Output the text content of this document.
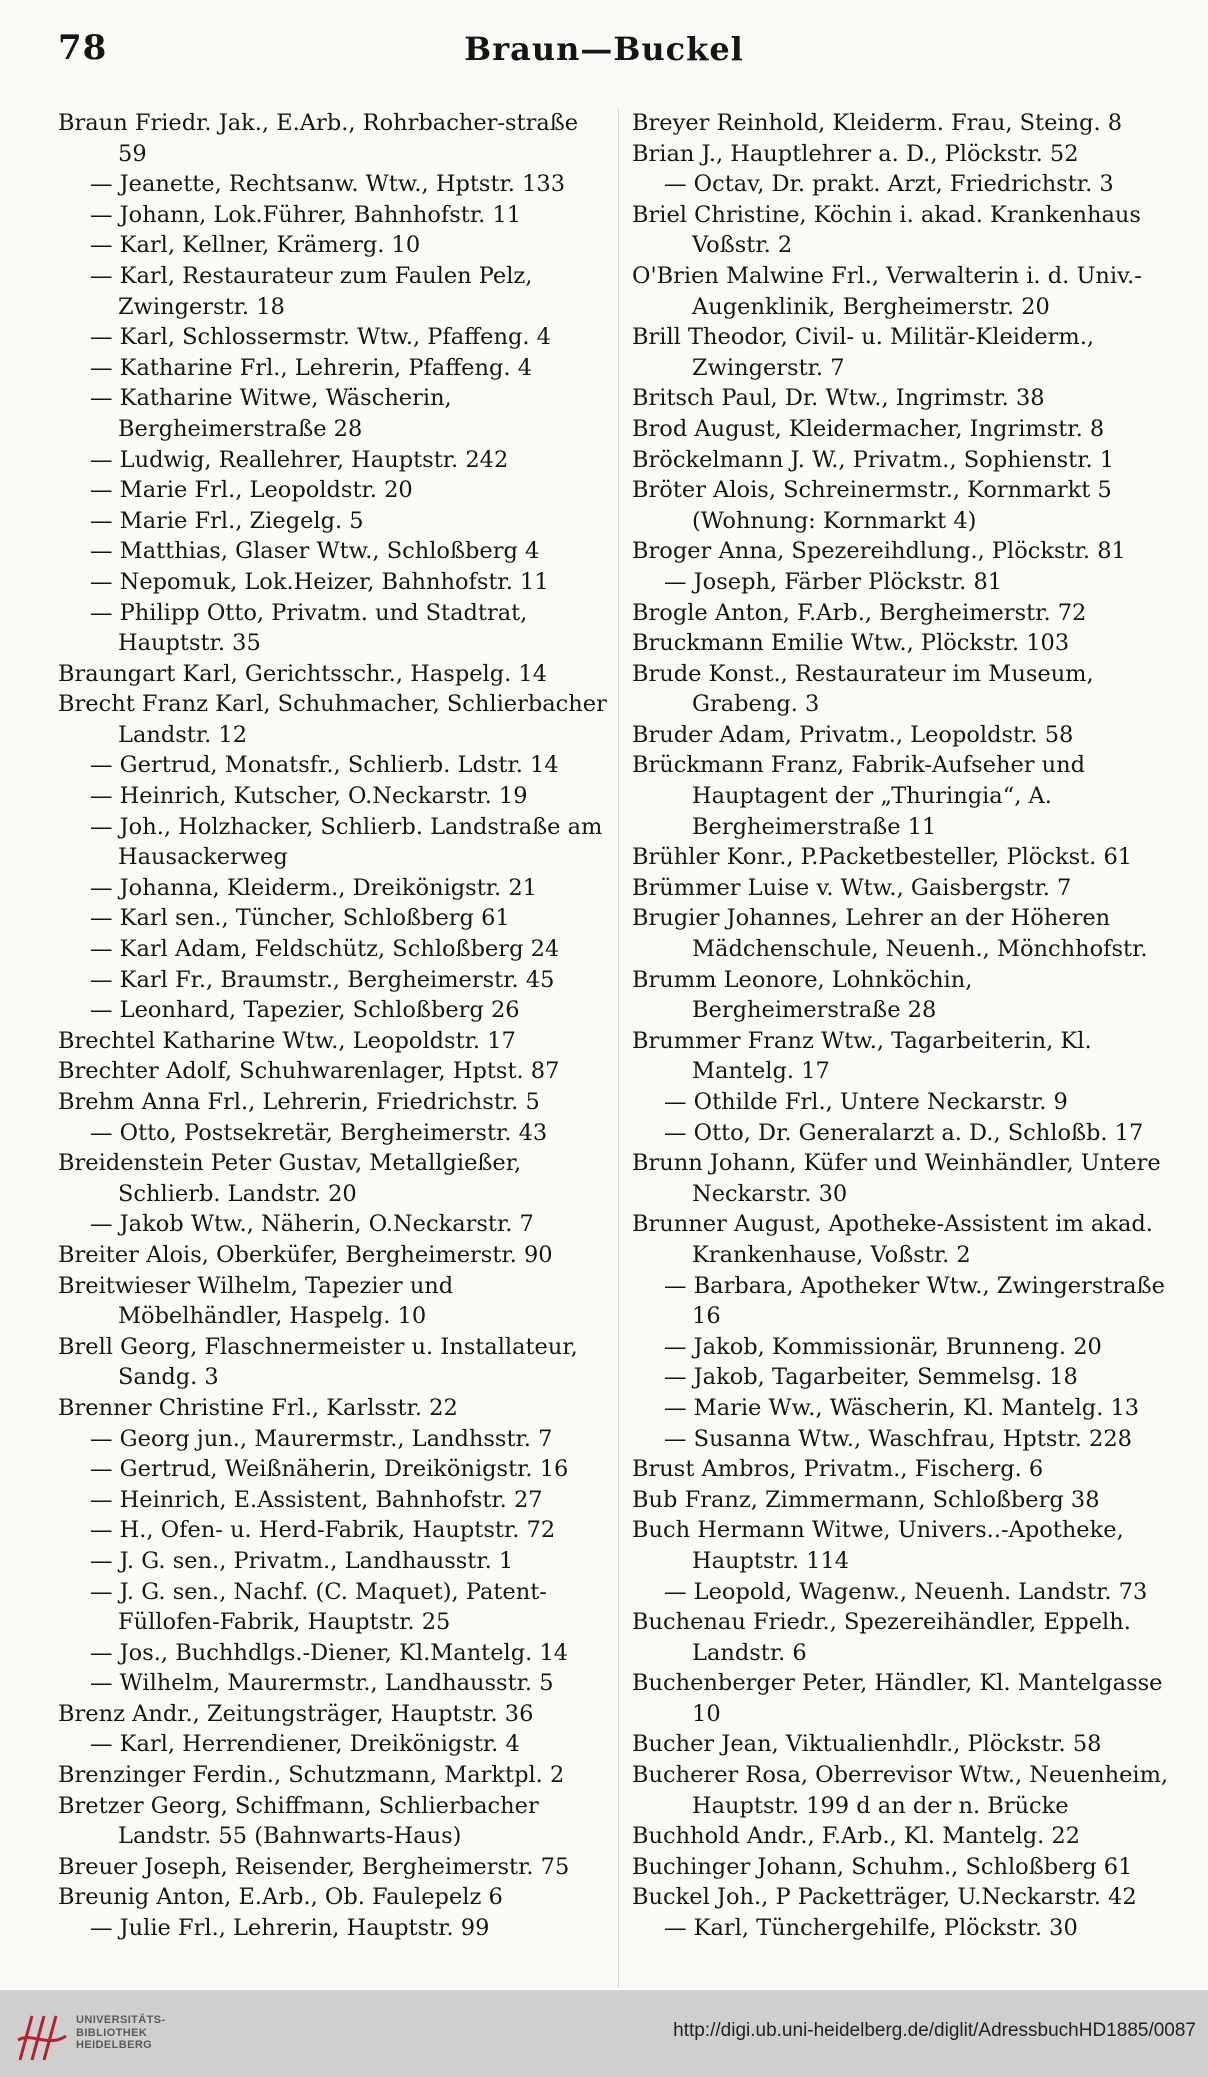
78	Braun—Buckel
Braun Friedr. Jak., E.Arb., Rohrbacher-straße 59
— Jeanette, Rechtsanw. Wtw., Hptstr. 133
— Johann, Lok.Führer, Bahnhofstr. 11
— Karl, Kellner, Krämerg. 10
— Karl, Restaurateur zum Faulen Pelz, Zwingerstr. 18
— Karl, Schlossermstr. Wtw., Pfaffeng. 4
— Katharine Frl., Lehrerin, Pfaffeng. 4
— Katharine Witwe, Wäscherin, Bergheimerstraße 28
— Ludwig, Reallehrer, Hauptstr. 242
— Marie Frl., Leopoldstr. 20
— Marie Frl., Ziegelg. 5
— Matthias, Glaser Wtw., Schloßberg 4
— Nepomuk, Lok.Heizer, Bahnhofstr. 11
— Philipp Otto, Privatm. und Stadtrat, Hauptstr. 35
Braungart Karl, Gerichtsschr., Haspelg. 14
Brecht Franz Karl, Schuhmacher, Schlierbacher Landstr. 12
— Gertrud, Monatsfr., Schlierb. Ldstr. 14
— Heinrich, Kutscher, O.Neckarstr. 19
— Joh., Holzhacker, Schlierb. Landstraße am Hausackerweg
— Johanna, Kleiderm., Dreikönigstr. 21
— Karl sen., Tüncher, Schloßberg 61
— Karl Adam, Feldschütz, Schloßberg 24
— Karl Fr., Braumstr., Bergheimerstr. 45
— Leonhard, Tapezier, Schloßberg 26
Brechtel Katharine Wtw., Leopoldstr. 17
Brechter Adolf, Schuhwarenlager, Hptst. 87
Brehm Anna Frl., Lehrerin, Friedrichstr. 5
— Otto, Postsekretär, Bergheimerstr. 43
Breidenstein Peter Gustav, Metallgießer, Schlierb. Landstr. 20
— Jakob Wtw., Näherin, O.Neckarstr. 7
Breiter Alois, Oberküfer, Bergheimerstr. 90
Breitwieser Wilhelm, Tapezier und Möbelhändler, Haspelg. 10
Brell Georg, Flaschnermeister u. Installateur, Sandg. 3
Brenner Christine Frl., Karlsstr. 22
— Georg jun., Maurermstr., Landhsstr. 7
— Gertrud, Weißnäherin, Dreikönigstr. 16
— Heinrich, E.Assistent, Bahnhofstr. 27
— H., Ofen- u. Herd-Fabrik, Hauptstr. 72
— J. G. sen., Privatm., Landhausstr. 1
— J. G. sen., Nachf. (C. Maquet), Patent-Füllofen-Fabrik, Hauptstr. 25
— Jos., Buchhdlgs.-Diener, Kl.Mantelg. 14
— Wilhelm, Maurermstr., Landhausstr. 5
Brenz Andr., Zeitungsträger, Hauptstr. 36
— Karl, Herrendiener, Dreikönigstr. 4
Brenzinger Ferdin., Schutzmann, Marktpl. 2
Bretzer Georg, Schiffmann, Schlierbacher Landstr. 55 (Bahnwarts-Haus)
Breuer Joseph, Reisender, Bergheimerstr. 75
Breunig Anton, E.Arb., Ob. Faulepelz 6
— Julie Frl., Lehrerin, Hauptstr. 99
Breyer Reinhold, Kleiderm. Frau, Steing. 8
Brian J., Hauptlehrer a. D., Plöckstr. 52
— Octav, Dr. prakt. Arzt, Friedrichstr. 3
Briel Christine, Köchin i. akad. Krankenhaus Voßstr. 2
O'Brien Malwine Frl., Verwalterin i. d. Univ.-Augenklinik, Bergheimerstr. 20
Brill Theodor, Civil- u. Militär-Kleiderm., Zwingerstr. 7
Britsch Paul, Dr. Wtw., Ingrimstr. 38
Brod August, Kleidermacher, Ingrimstr. 8
Bröckelmann J. W., Privatm., Sophienstr. 1
Bröter Alois, Schreinermstr., Kornmarkt 5 (Wohnung: Kornmarkt 4)
Broger Anna, Spezereihdlung., Plöckstr. 81
— Joseph, Färber Plöckstr. 81
Brogle Anton, F.Arb., Bergheimerstr. 72
Bruckmann Emilie Wtw., Plöckstr. 103
Brude Konst., Restaurateur im Museum, Grabeng. 3
Bruder Adam, Privatm., Leopoldstr. 58
Brückmann Franz, Fabrik-Aufseher und Hauptagent der „Thuringia“, A. Bergheimerstraße 11
Brühler Konr., P.Packetbesteller, Plöckst. 61
Brümmer Luise v. Wtw., Gaisbergstr. 7
Brugier Johannes, Lehrer an der Höheren Mädchenschule, Neuenh., Mönchhofstr.
Brumm Leonore, Lohnköchin, Bergheimerstraße 28
Brummer Franz Wtw., Tagarbeiterin, Kl. Mantelg. 17
— Othilde Frl., Untere Neckarstr. 9
— Otto, Dr. Generalarzt a. D., Schloßb. 17
Brunn Johann, Küfer und Weinhändler, Untere Neckarstr. 30
Brunner August, Apotheke-Assistent im akad. Krankenhause, Voßstr. 2
— Barbara, Apotheker Wtw., Zwingerstraße 16
— Jakob, Kommissionär, Brunneng. 20
— Jakob, Tagarbeiter, Semmelsg. 18
— Marie Ww., Wäscherin, Kl. Mantelg. 13
— Susanna Wtw., Waschfrau, Hptstr. 228
Brust Ambros, Privatm., Fischerg. 6
Bub Franz, Zimmermann, Schloßberg 38
Buch Hermann Witwe, Univers..-Apotheke, Hauptstr. 114
— Leopold, Wagenw., Neuenh. Landstr. 73
Buchenau Friedr., Spezereihändler, Eppelh. Landstr. 6
Buchenberger Peter, Händler, Kl. Mantelgasse 10
Bucher Jean, Viktualienhdlr., Plöckstr. 58
Bucherer Rosa, Oberrevisor Wtw., Neuenheim, Hauptstr. 199 d an der n. Brücke
Buchhold Andr., F.Arb., Kl. Mantelg. 22
Buchinger Johann, Schuhm., Schloßberg 61
Buckel Joh., P Packetträger, U.Neckarstr. 42
— Karl, Tünchergehilfe, Plöckstr. 30
UNIVERSITÄTS-
BIBLIOTHEK
HEIDELBERG
http://digi.ub.uni-heidelberg.de/diglit/AdressbuchHD1885/0087
